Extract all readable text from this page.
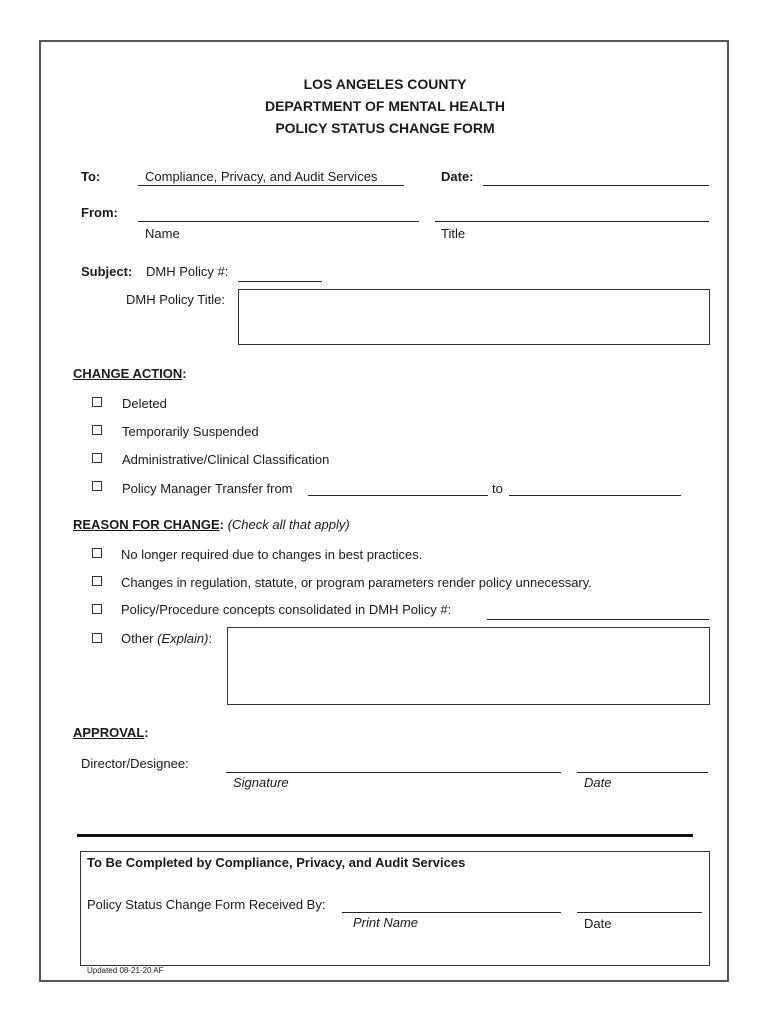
LOS ANGELES COUNTY
DEPARTMENT OF MENTAL HEALTH
POLICY STATUS CHANGE FORM
To:	Compliance, Privacy, and Audit Services	Date:
From:
Name	Title
Subject: DMH Policy #:
DMH Policy Title:
CHANGE ACTION:
Deleted
Temporarily Suspended
Administrative/Clinical Classification
Policy Manager Transfer from	to
REASON FOR CHANGE: (Check all that apply)
No longer required due to changes in best practices.
Changes in regulation, statute, or program parameters render policy unnecessary.
Policy/Procedure concepts consolidated in DMH Policy #:
Other (Explain):
APPROVAL:
Director/Designee:
Signature	Date
To Be Completed by Compliance, Privacy, and Audit Services
Policy Status Change Form Received By:
Print Name	Date
Updated 08-21-20 AF
